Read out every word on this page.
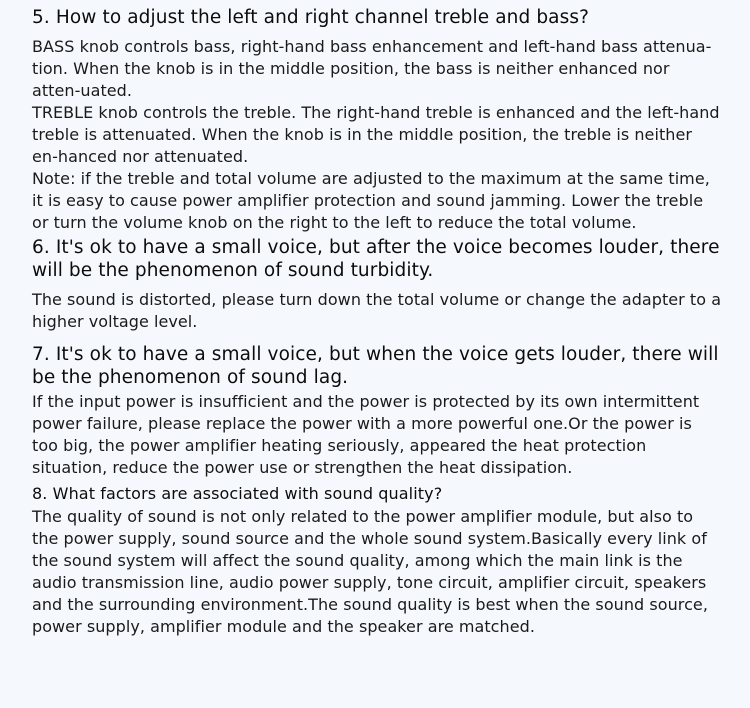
5. How to adjust the left and right channel treble and bass?

BASS knob controls bass, right-hand bass enhancement and left-hand bass attenua-tion. When the knob is in the middle position, the bass is neither enhanced nor atten-uated.

TREBLE knob controls the treble. The right-hand treble is enhanced and the left-hand treble is attenuated. When the knob is in the middle position, the treble is neither en-hanced nor attenuated.

Note: if the treble and total volume are adjusted to the maximum at the same time, it is easy to cause power amplifier protection and sound jamming. Lower the treble or turn the volume knob on the right to the left to reduce the total volume.

6. It's ok to have a small voice, but after the voice becomes louder, there will be the phenomenon of sound turbidity.

The sound is distorted, please turn down the total volume or change the adapter to a higher voltage level.

7. It's ok to have a small voice, but when the voice gets louder, there will be the phenomenon of sound lag.

If the input power is insufficient and the power is protected by its own intermittent power failure, please replace the power with a more powerful one.Or the power is too big, the power amplifier heating seriously, appeared the heat protection situation, reduce the power use or strengthen the heat dissipation.

8. What factors are associated with sound quality?

The quality of sound is not only related to the power amplifier module, but also to the power supply, sound source and the whole sound system.Basically every link of the sound system will affect the sound quality, among which the main link is the audio transmission line, audio power supply, tone circuit, amplifier circuit, speakers and the surrounding environment.The sound quality is best when the sound source, power supply, amplifier module and the speaker are matched.
